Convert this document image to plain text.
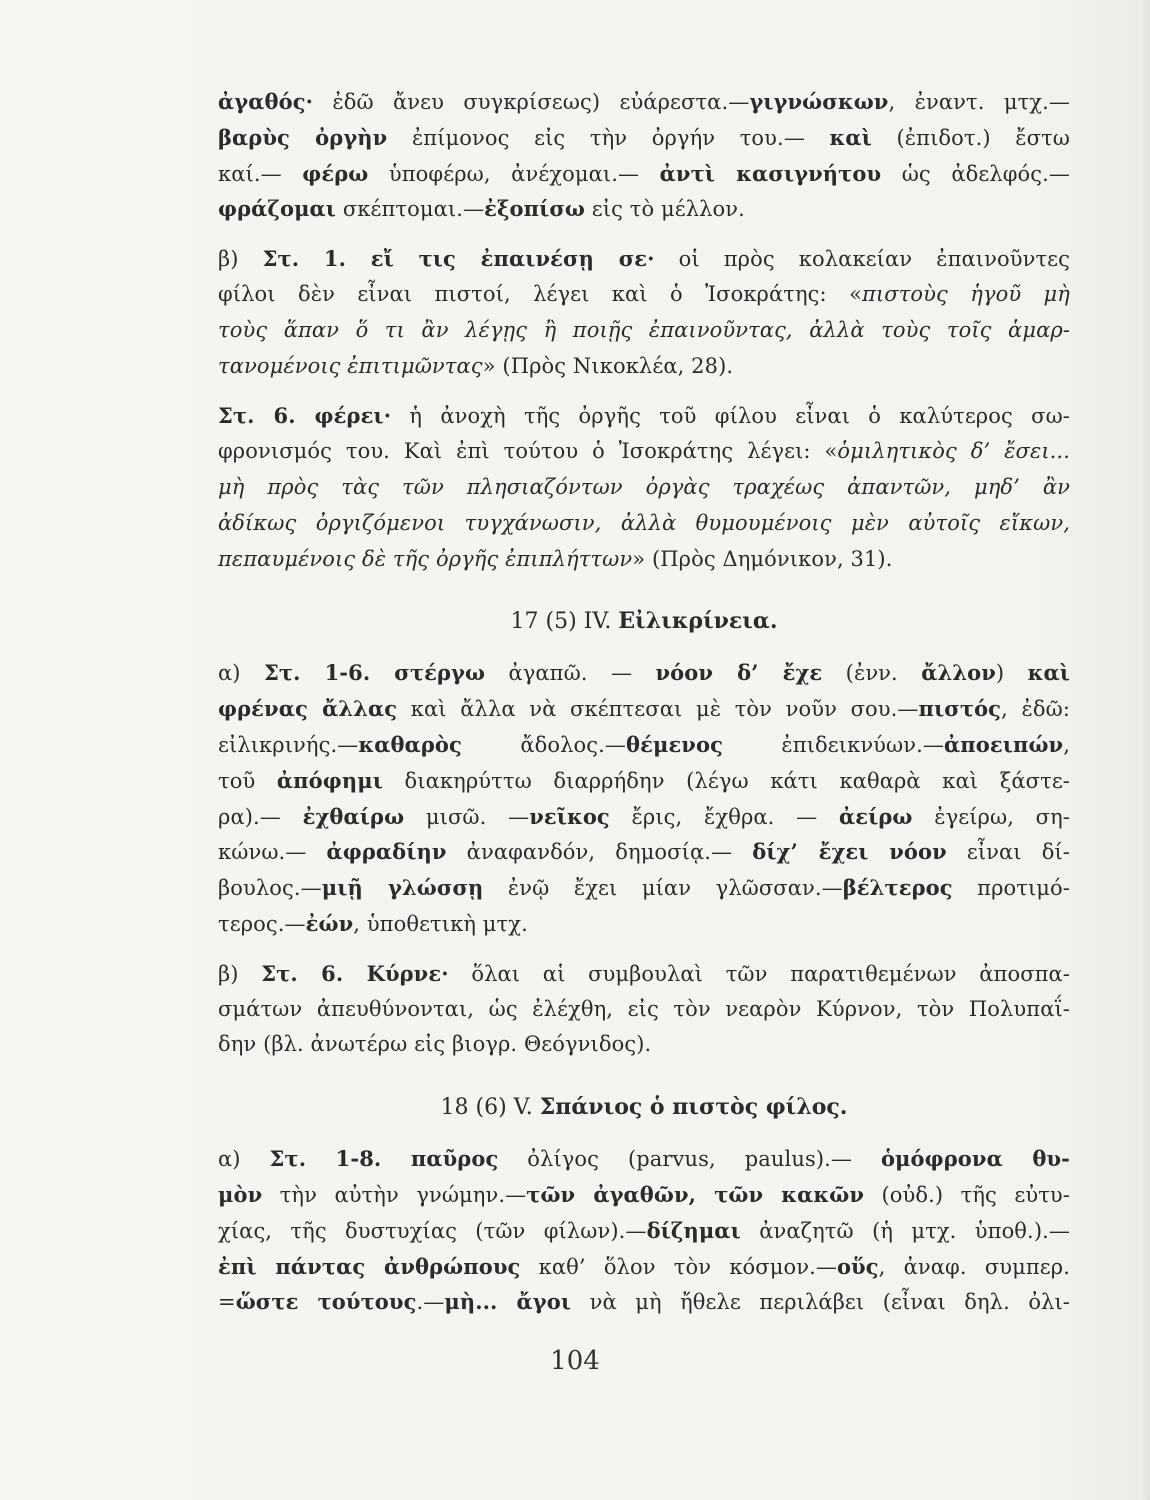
ἀγαθός· ἐδῶ ἄνευ συγκρίσεως) εὐάρεστα.—γιγνώσκων, ἐναντ. μτχ.—
βαρὺς ὀργὴν ἐπίμονος εἰς τὴν ὀργήν του.— καὶ (ἐπιδοτ.) ἔστω
καί.— φέρω ὑποφέρω, ἀνέχομαι.— ἀντὶ κασιγνήτου ὡς ἀδελφός.—
φράζομαι σκέπτομαι.—ἐξοπίσω εἰς τὸ μέλλον.
β) Στ. 1. εἴ τις ἐπαινέσῃ σε· οἱ πρὸς κολακείαν ἐπαινοῦντες
φίλοι δὲν εἶναι πιστοί, λέγει καὶ ὁ Ἰσοκράτης: «πιστοὺς ἡγοῦ μὴ
τοὺς ἅπαν ὅ τι ἂν λέγῃς ἢ ποιῇς ἐπαινοῦντας, ἀλλὰ τοὺς τοῖς ἁμαρ-
τανομένοις ἐπιτιμῶντας» (Πρὸς Νικοκλέα, 28).
Στ. 6. φέρει· ἡ ἀνοχὴ τῆς ὀργῆς τοῦ φίλου εἶναι ὁ καλύτερος σω-
φρονισμός του. Καὶ ἐπὶ τούτου ὁ Ἰσοκράτης λέγει: «ὁμιλητικὸς δ’ ἔσει...
μὴ πρὸς τὰς τῶν πλησιαζόντων ὀργὰς τραχέως ἀπαντῶν, μηδ’ ἂν
ἀδίκως ὀργιζόμενοι τυγχάνωσιν, ἀλλὰ θυμουμένοις μὲν αὐτοῖς εἴκων,
πεπαυμένοις δὲ τῆς ὀργῆς ἐπιπλήττων» (Πρὸς Δημόνικον, 31).
17 (5) IV. Εἰλικρίνεια.
α) Στ. 1-6. στέργω ἀγαπῶ. — νόον δ’ ἔχε (ἐνν. ἄλλον) καὶ
φρένας ἄλλας καὶ ἄλλα νὰ σκέπτεσαι μὲ τὸν νοῦν σου.—πιστός, ἐδῶ:
εἰλικρινής.—καθαρὸς ἄδολος.—θέμενος ἐπιδεικνύων.—ἀποειπών,
τοῦ ἀπόφημι διακηρύττω διαρρήδην (λέγω κάτι καθαρὰ καὶ ξάστε-
ρα).— ἐχθαίρω μισῶ. —νεῖκος ἔρις, ἔχθρα. — ἀείρω ἐγείρω, ση-
κώνω.— ἀφραδίην ἀναφανδόν, δημοσίᾳ.— δίχ’ ἔχει νόον εἶναι δί-
βουλος.—μιῇ γλώσσῃ ἐνῷ ἔχει μίαν γλῶσσαν.—βέλτερος προτιμό-
τερος.—ἐών, ὑποθετικὴ μτχ.
β) Στ. 6. Κύρνε· ὅλαι αἱ συμβουλαὶ τῶν παρατιθεμένων ἀποσπα-
σμάτων ἀπευθύνονται, ὡς ἐλέχθη, εἰς τὸν νεαρὸν Κύρνον, τὸν Πολυπαΐ-
δην (βλ. ἀνωτέρω εἰς βιογρ. Θεόγνιδος).
18 (6) V. Σπάνιος ὁ πιστὸς φίλος.
α) Στ. 1-8. παῦρος ὀλίγος (parvus, paulus).— ὁμόφρονα θυ-
μὸν τὴν αὐτὴν γνώμην.—τῶν ἀγαθῶν, τῶν κακῶν (οὐδ.) τῆς εὐτυ-
χίας, τῆς δυστυχίας (τῶν φίλων).—δίζημαι ἀναζητῶ (ἡ μτχ. ὑποθ.).—
ἐπὶ πάντας ἀνθρώπους καθ’ ὅλον τὸν κόσμον.—οὕς, ἀναφ. συμπερ.
=ὥστε τούτους.—μὴ... ἄγοι νὰ μὴ ἤθελε περιλάβει (εἶναι δηλ. ὀλι-
104
